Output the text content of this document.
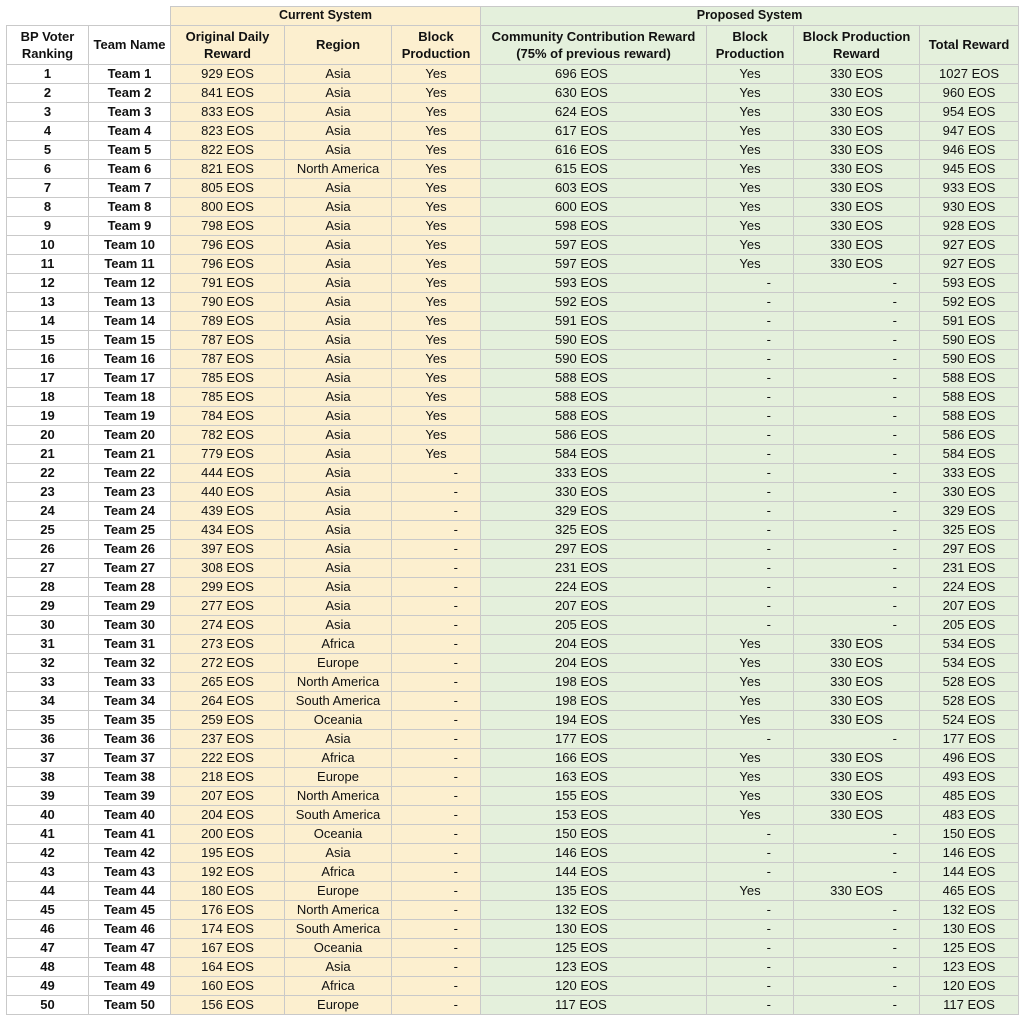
		Current System			Proposed System			
BP Voter Ranking	Team Name	Original Daily Reward	Region	Block Production	Community Contribution Reward (75% of previous reward)	Block Production	Block Production Reward	Total Reward
1	Team 1	929 EOS	Asia	Yes	696 EOS	Yes	330 EOS	1027 EOS
2	Team 2	841 EOS	Asia	Yes	630 EOS	Yes	330 EOS	960 EOS
3	Team 3	833 EOS	Asia	Yes	624 EOS	Yes	330 EOS	954 EOS
4	Team 4	823 EOS	Asia	Yes	617 EOS	Yes	330 EOS	947 EOS
5	Team 5	822 EOS	Asia	Yes	616 EOS	Yes	330 EOS	946 EOS
6	Team 6	821 EOS	North America	Yes	615 EOS	Yes	330 EOS	945 EOS
7	Team 7	805 EOS	Asia	Yes	603 EOS	Yes	330 EOS	933 EOS
8	Team 8	800 EOS	Asia	Yes	600 EOS	Yes	330 EOS	930 EOS
9	Team 9	798 EOS	Asia	Yes	598 EOS	Yes	330 EOS	928 EOS
10	Team 10	796 EOS	Asia	Yes	597 EOS	Yes	330 EOS	927 EOS
11	Team 11	796 EOS	Asia	Yes	597 EOS	Yes	330 EOS	927 EOS
12	Team 12	791 EOS	Asia	Yes	593 EOS	-	-	593 EOS
13	Team 13	790 EOS	Asia	Yes	592 EOS	-	-	592 EOS
14	Team 14	789 EOS	Asia	Yes	591 EOS	-	-	591 EOS
15	Team 15	787 EOS	Asia	Yes	590 EOS	-	-	590 EOS
16	Team 16	787 EOS	Asia	Yes	590 EOS	-	-	590 EOS
17	Team 17	785 EOS	Asia	Yes	588 EOS	-	-	588 EOS
18	Team 18	785 EOS	Asia	Yes	588 EOS	-	-	588 EOS
19	Team 19	784 EOS	Asia	Yes	588 EOS	-	-	588 EOS
20	Team 20	782 EOS	Asia	Yes	586 EOS	-	-	586 EOS
21	Team 21	779 EOS	Asia	Yes	584 EOS	-	-	584 EOS
22	Team 22	444 EOS	Asia	-	333 EOS	-	-	333 EOS
23	Team 23	440 EOS	Asia	-	330 EOS	-	-	330 EOS
24	Team 24	439 EOS	Asia	-	329 EOS	-	-	329 EOS
25	Team 25	434 EOS	Asia	-	325 EOS	-	-	325 EOS
26	Team 26	397 EOS	Asia	-	297 EOS	-	-	297 EOS
27	Team 27	308 EOS	Asia	-	231 EOS	-	-	231 EOS
28	Team 28	299 EOS	Asia	-	224 EOS	-	-	224 EOS
29	Team 29	277 EOS	Asia	-	207 EOS	-	-	207 EOS
30	Team 30	274 EOS	Asia	-	205 EOS	-	-	205 EOS
31	Team 31	273 EOS	Africa	-	204 EOS	Yes	330 EOS	534 EOS
32	Team 32	272 EOS	Europe	-	204 EOS	Yes	330 EOS	534 EOS
33	Team 33	265 EOS	North America	-	198 EOS	Yes	330 EOS	528 EOS
34	Team 34	264 EOS	South America	-	198 EOS	Yes	330 EOS	528 EOS
35	Team 35	259 EOS	Oceania	-	194 EOS	Yes	330 EOS	524 EOS
36	Team 36	237 EOS	Asia	-	177 EOS	-	-	177 EOS
37	Team 37	222 EOS	Africa	-	166 EOS	Yes	330 EOS	496 EOS
38	Team 38	218 EOS	Europe	-	163 EOS	Yes	330 EOS	493 EOS
39	Team 39	207 EOS	North America	-	155 EOS	Yes	330 EOS	485 EOS
40	Team 40	204 EOS	South America	-	153 EOS	Yes	330 EOS	483 EOS
41	Team 41	200 EOS	Oceania	-	150 EOS	-	-	150 EOS
42	Team 42	195 EOS	Asia	-	146 EOS	-	-	146 EOS
43	Team 43	192 EOS	Africa	-	144 EOS	-	-	144 EOS
44	Team 44	180 EOS	Europe	-	135 EOS	Yes	330 EOS	465 EOS
45	Team 45	176 EOS	North America	-	132 EOS	-	-	132 EOS
46	Team 46	174 EOS	South America	-	130 EOS	-	-	130 EOS
47	Team 47	167 EOS	Oceania	-	125 EOS	-	-	125 EOS
48	Team 48	164 EOS	Asia	-	123 EOS	-	-	123 EOS
49	Team 49	160 EOS	Africa	-	120 EOS	-	-	120 EOS
50	Team 50	156 EOS	Europe	-	117 EOS	-	-	117 EOS
